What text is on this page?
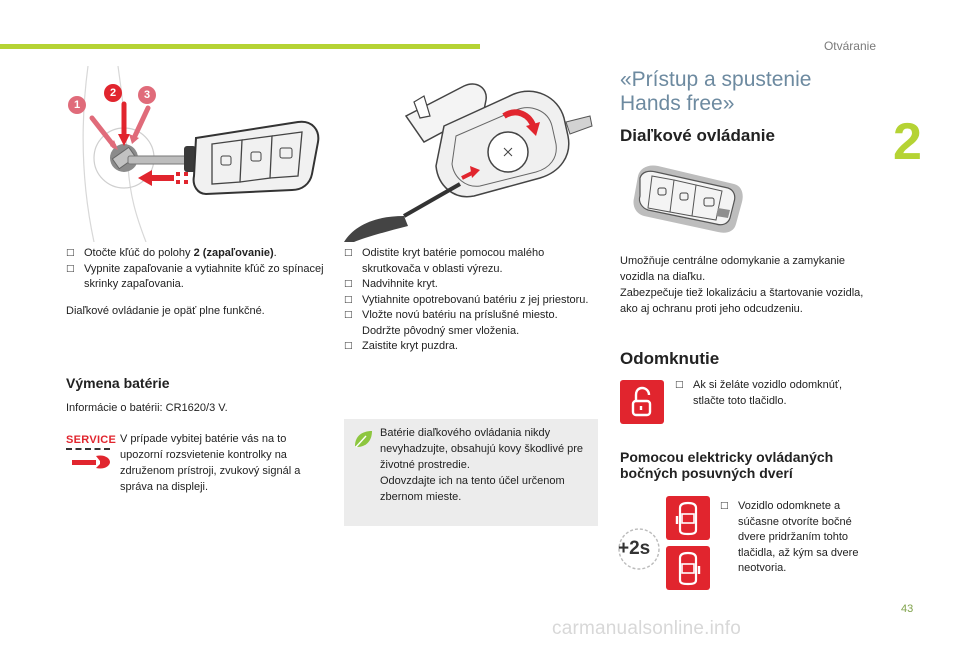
Otváranie
2
1
2	3
□ Otočte kľúč do polohy 2 (zapaľovanie).
□ Vypnite zapaľovanie a vytiahnite kľúč zo spínacej skrinky zapaľovania.
Diaľkové ovládanie je opäť plne funkčné.
Výmena batérie
Informácie o batérii: CR1620/3 V.
SERVICE V prípade vybitej batérie vás na to upozorní rozsvietenie kontrolky na združenom prístroji, zvukový signál a správa na displeji.
□ Odistite kryt batérie pomocou malého skrutkovača v oblasti výrezu.
□ Nadvihnite kryt.
□ Vytiahnite opotrebovanú batériu z jej priestoru.
□ Vložte novú batériu na príslušné miesto. Dodržte pôvodný smer vloženia.
□ Zaistite kryt puzdra.
Batérie diaľkového ovládania nikdy nevyhadzujte, obsahujú kovy škodlivé pre životné prostredie.
Odovzdajte ich na tento účel určenom zbernom mieste.
«Prístup a spustenie
Hands free»
Diaľkové ovládanie
Umožňuje centrálne odomykanie a zamykanie vozidla na diaľku.
Zabezpečuje tiež lokalizáciu a štartovanie vozidla, ako aj ochranu proti jeho odcudzeniu.
Odomknutie
□ Ak si želáte vozidlo odomknúť, stlačte toto tlačidlo.
Pomocou elektricky ovládaných
bočných posuvných dverí
+2s
□ Vozidlo odomknete a súčasne otvoríte bočné dvere pridržaním tohto tlačidla, až kým sa dvere neotvoria.
43
carmanualsonline.info
